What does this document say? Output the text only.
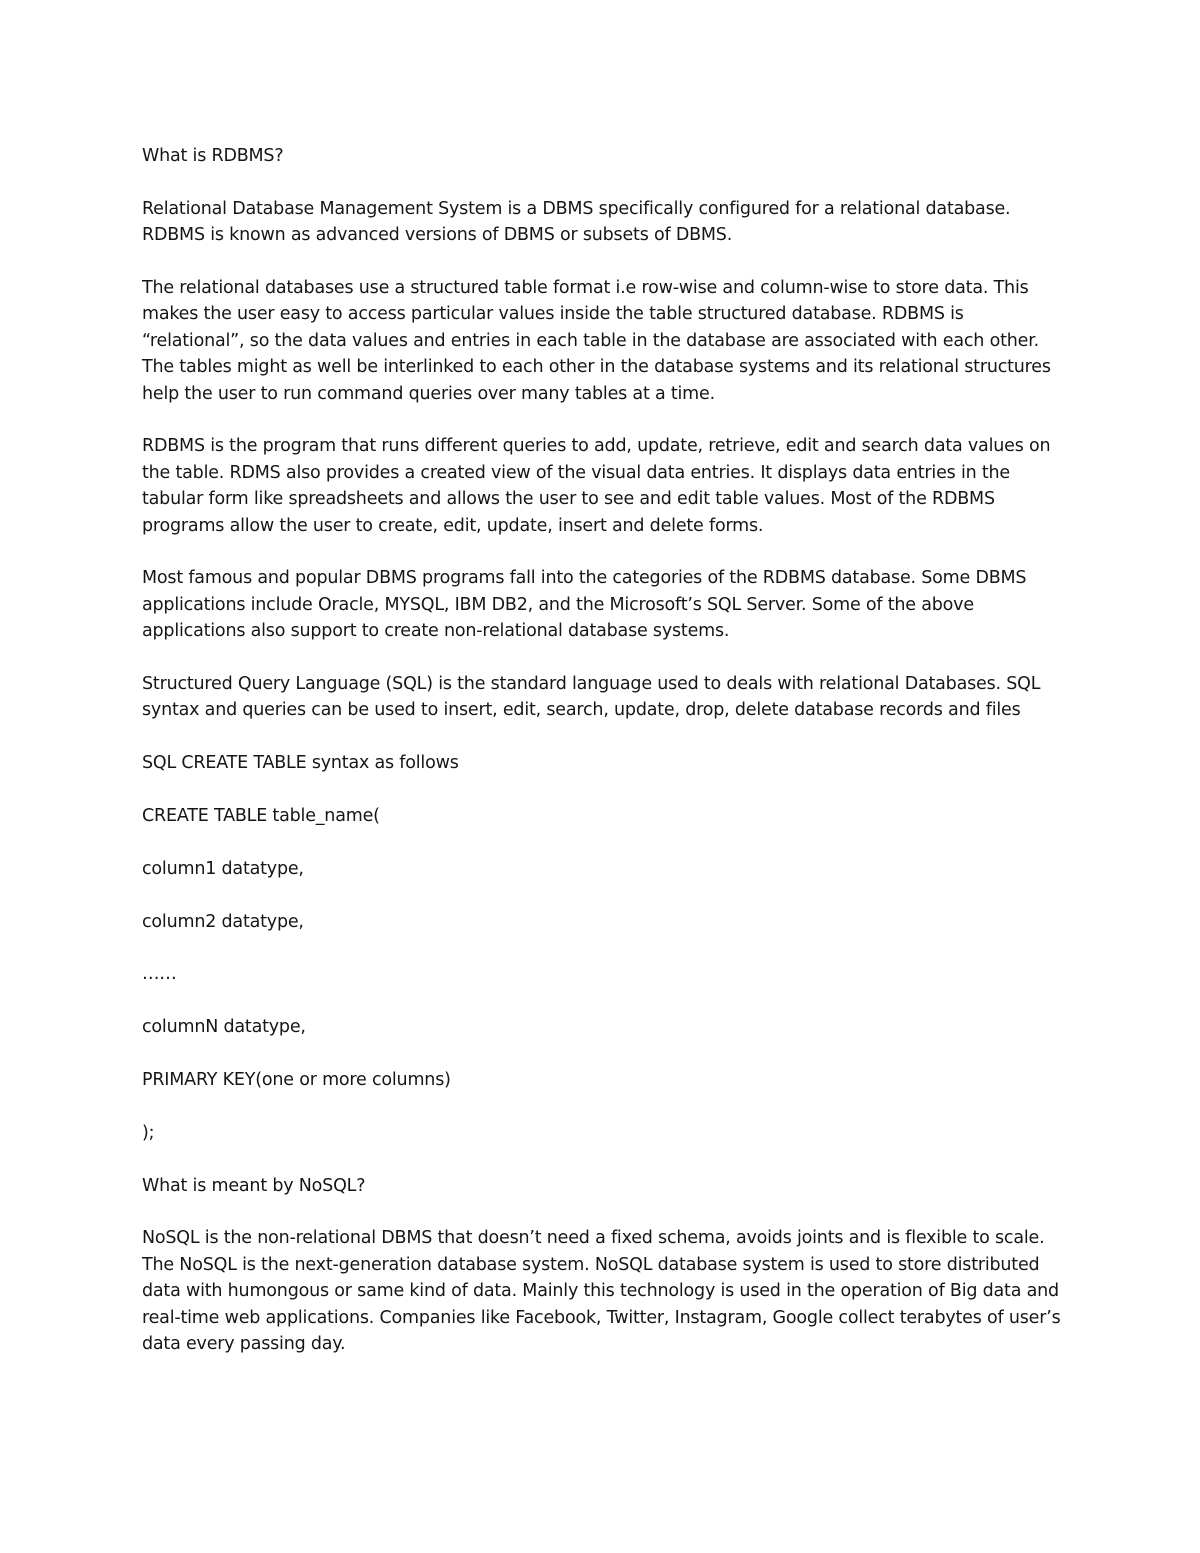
What is RDBMS?

Relational Database Management System is a DBMS specifically configured for a relational database. RDBMS is known as advanced versions of DBMS or subsets of DBMS.

The relational databases use a structured table format i.e row-wise and column-wise to store data. This makes the user easy to access particular values inside the table structured database. RDBMS is “relational”, so the data values and entries in each table in the database are associated with each other. The tables might as well be interlinked to each other in the database systems and its relational structures help the user to run command queries over many tables at a time.

RDBMS is the program that runs different queries to add, update, retrieve, edit and search data values on the table. RDMS also provides a created view of the visual data entries. It displays data entries in the tabular form like spreadsheets and allows the user to see and edit table values. Most of the RDBMS programs allow the user to create, edit, update, insert and delete forms.

Most famous and popular DBMS programs fall into the categories of the RDBMS database. Some DBMS applications include Oracle, MYSQL, IBM DB2, and the Microsoft’s SQL Server. Some of the above applications also support to create non-relational database systems.

Structured Query Language (SQL) is the standard language used to deals with relational Databases. SQL syntax and queries can be used to insert, edit, search, update, drop, delete database records and files

SQL CREATE TABLE syntax as follows

CREATE TABLE table_name(

column1 datatype,

column2 datatype,

……

columnN datatype,

PRIMARY KEY(one or more columns)

);

What is meant by NoSQL?

NoSQL is the non-relational DBMS that doesn’t need a fixed schema, avoids joints and is flexible to scale. The NoSQL is the next-generation database system. NoSQL database system is used to store distributed data with humongous or same kind of data. Mainly this technology is used in the operation of Big data and real-time web applications. Companies like Facebook, Twitter, Instagram, Google collect terabytes of user’s data every passing day.
